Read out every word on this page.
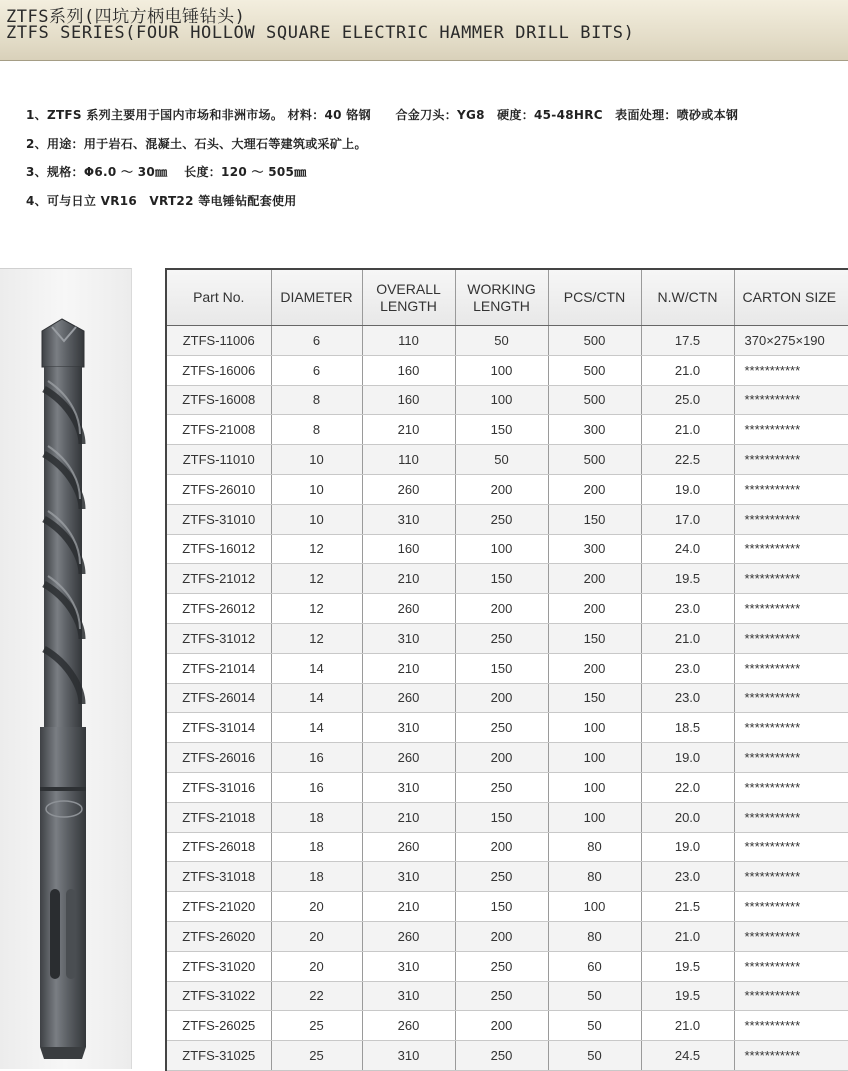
ZTFS系列(四坑方柄电锤钻头)
ZTFS SERIES(FOUR HOLLOW SQUARE ELECTRIC HAMMER DRILL BITS)
1、ZTFS 系列主要用于国内市场和非洲市场。 材料：40 铬钢　　合金刀头：YG8　硬度：45-48HRC　表面处理：喷砂或本钢
2、用途：用于岩石、混凝土、石头、大理石等建筑或采矿上。
3、规格：Φ6.0 ～ 30㎜　 长度：120 ～ 505㎜
4、可与日立 VR16　VRT22 等电锤钻配套使用
Part No.	DIAMETER	OVERALL LENGTH	WORKING LENGTH	PCS/CTN	N.W/CTN	CARTON SIZE
ZTFS-11006	6	110	50	500	17.5	370×275×190
ZTFS-16006	6	160	100	500	21.0	***********
ZTFS-16008	8	160	100	500	25.0	***********
ZTFS-21008	8	210	150	300	21.0	***********
ZTFS-11010	10	110	50	500	22.5	***********
ZTFS-26010	10	260	200	200	19.0	***********
ZTFS-31010	10	310	250	150	17.0	***********
ZTFS-16012	12	160	100	300	24.0	***********
ZTFS-21012	12	210	150	200	19.5	***********
ZTFS-26012	12	260	200	200	23.0	***********
ZTFS-31012	12	310	250	150	21.0	***********
ZTFS-21014	14	210	150	200	23.0	***********
ZTFS-26014	14	260	200	150	23.0	***********
ZTFS-31014	14	310	250	100	18.5	***********
ZTFS-26016	16	260	200	100	19.0	***********
ZTFS-31016	16	310	250	100	22.0	***********
ZTFS-21018	18	210	150	100	20.0	***********
ZTFS-26018	18	260	200	80	19.0	***********
ZTFS-31018	18	310	250	80	23.0	***********
ZTFS-21020	20	210	150	100	21.5	***********
ZTFS-26020	20	260	200	80	21.0	***********
ZTFS-31020	20	310	250	60	19.5	***********
ZTFS-31022	22	310	250	50	19.5	***********
ZTFS-26025	25	260	200	50	21.0	***********
ZTFS-31025	25	310	250	50	24.5	***********
